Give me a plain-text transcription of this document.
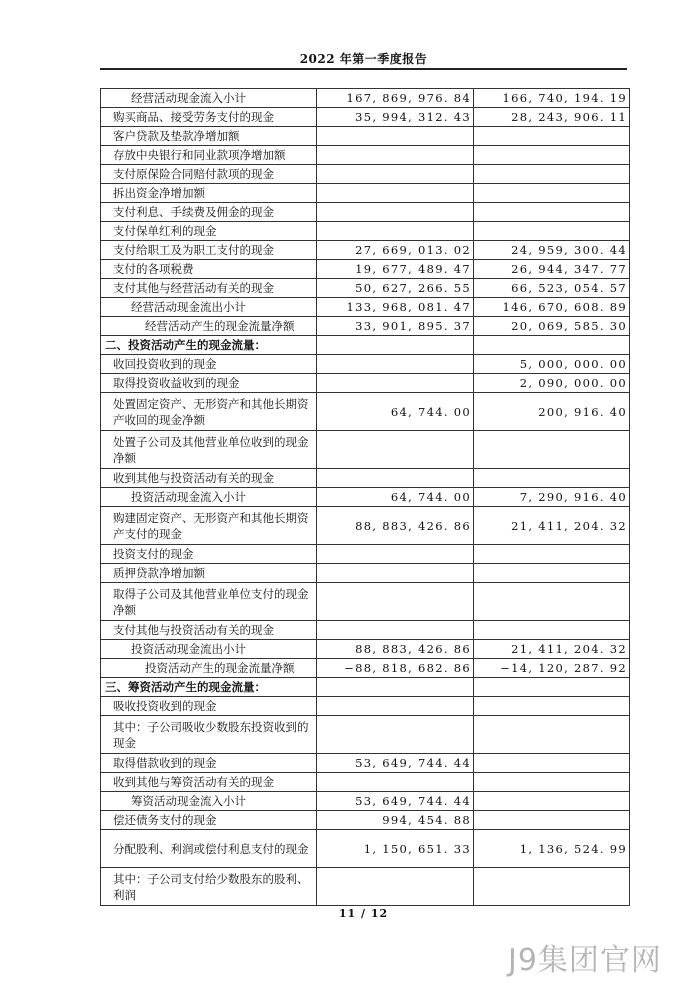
2022 年第一季度报告
经营活动现金流入小计	167, 869, 976. 84	166, 740, 194. 19
购买商品、接受劳务支付的现金	35, 994, 312. 43	28, 243, 906. 11
客户贷款及垫款净增加额		
存放中央银行和同业款项净增加额		
支付原保险合同赔付款项的现金		
拆出资金净增加额		
支付利息、手续费及佣金的现金		
支付保单红利的现金		
支付给职工及为职工支付的现金	27, 669, 013. 02	24, 959, 300. 44
支付的各项税费	19, 677, 489. 47	26, 944, 347. 77
支付其他与经营活动有关的现金	50, 627, 266. 55	66, 523, 054. 57
经营活动现金流出小计	133, 968, 081. 47	146, 670, 608. 89
经营活动产生的现金流量净额	33, 901, 895. 37	20, 069, 585. 30
二、投资活动产生的现金流量：		
收回投资收到的现金		5, 000, 000. 00
取得投资收益收到的现金		2, 090, 000. 00
处置固定资产、无形资产和其他长期资产收回的现金净额	64, 744. 00	200, 916. 40
处置子公司及其他营业单位收到的现金净额		
收到其他与投资活动有关的现金		
投资活动现金流入小计	64, 744. 00	7, 290, 916. 40
购建固定资产、无形资产和其他长期资产支付的现金	88, 883, 426. 86	21, 411, 204. 32
投资支付的现金		
质押贷款净增加额		
取得子公司及其他营业单位支付的现金净额		
支付其他与投资活动有关的现金		
投资活动现金流出小计	88, 883, 426. 86	21, 411, 204. 32
投资活动产生的现金流量净额	−88, 818, 682. 86	−14, 120, 287. 92
三、筹资活动产生的现金流量：		
吸收投资收到的现金		
其中：子公司吸收少数股东投资收到的现金		
取得借款收到的现金	53, 649, 744. 44	
收到其他与筹资活动有关的现金		
筹资活动现金流入小计	53, 649, 744. 44	
偿还债务支付的现金	994, 454. 88	
分配股利、利润或偿付利息支付的现金	1, 150, 651. 33	1, 136, 524. 99
其中：子公司支付给少数股东的股利、利润		
11 / 12
J9集团官网
